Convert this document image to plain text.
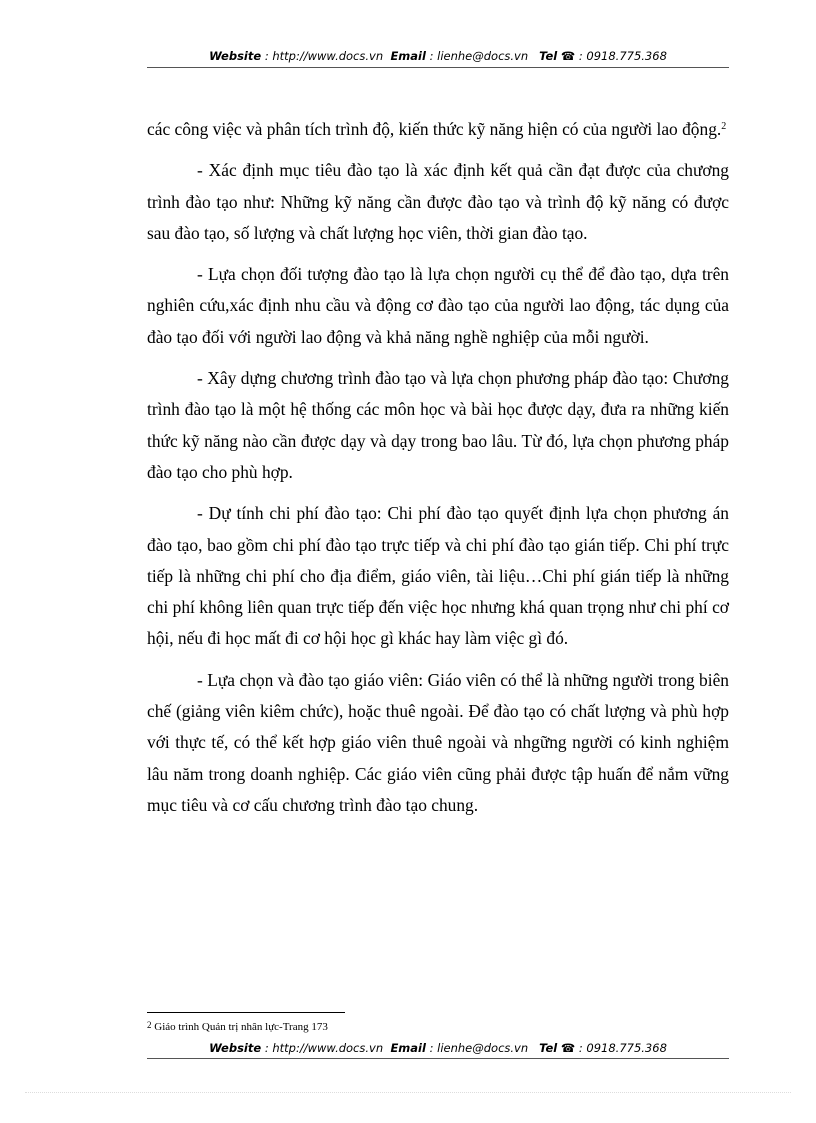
Website : http://www.docs.vn Email : lienhe@docs.vn Tel ☎ : 0918.775.368

các công việc và phân tích trình độ, kiến thức kỹ năng hiện có của người lao động.$^2$

- Xác định mục tiêu đào tạo là xác định kết quả cần đạt được của chương trình đào tạo như: Những kỹ năng cần được đào tạo và trình độ kỹ năng có được sau đào tạo, số lượng và chất lượng học viên, thời gian đào tạo.

- Lựa chọn đối tượng đào tạo là lựa chọn người cụ thể để đào tạo, dựa trên nghiên cứu,xác định nhu cầu và động cơ đào tạo của người lao động, tác dụng của đào tạo đối với người lao động và khả năng nghề nghiệp của mỗi người.

- Xây dựng chương trình đào tạo và lựa chọn phương pháp đào tạo: Chương trình đào tạo là một hệ thống các môn học và bài học được dạy, đưa ra những kiến thức kỹ năng nào cần được dạy và dạy trong bao lâu. Từ đó, lựa chọn phương pháp đào tạo cho phù hợp.

- Dự tính chi phí đào tạo: Chi phí đào tạo quyết định lựa chọn phương án đào tạo, bao gồm chi phí đào tạo trực tiếp và chi phí đào tạo gián tiếp. Chi phí trực tiếp là những chi phí cho địa điểm, giáo viên, tài liệu…Chi phí gián tiếp là những chi phí không liên quan trực tiếp đến việc học nhưng khá quan trọng như chi phí cơ hội, nếu đi học mất đi cơ hội học gì khác hay làm việc gì đó.

- Lựa chọn và đào tạo giáo viên: Giáo viên có thể là những người trong biên chế (giảng viên kiêm chức), hoặc thuê ngoài. Để đào tạo có chất lượng và phù hợp với thực tế, có thể kết hợp giáo viên thuê ngoài và nhgững người có kinh nghiệm lâu năm trong doanh nghiệp. Các giáo viên cũng phải được tập huấn để nắm vững mục tiêu và cơ cấu chương trình đào tạo chung.

$^2$ Giáo trình Quản trị nhân lực-Trang 173
Website : http://www.docs.vn Email : lienhe@docs.vn Tel ☎ : 0918.775.368
